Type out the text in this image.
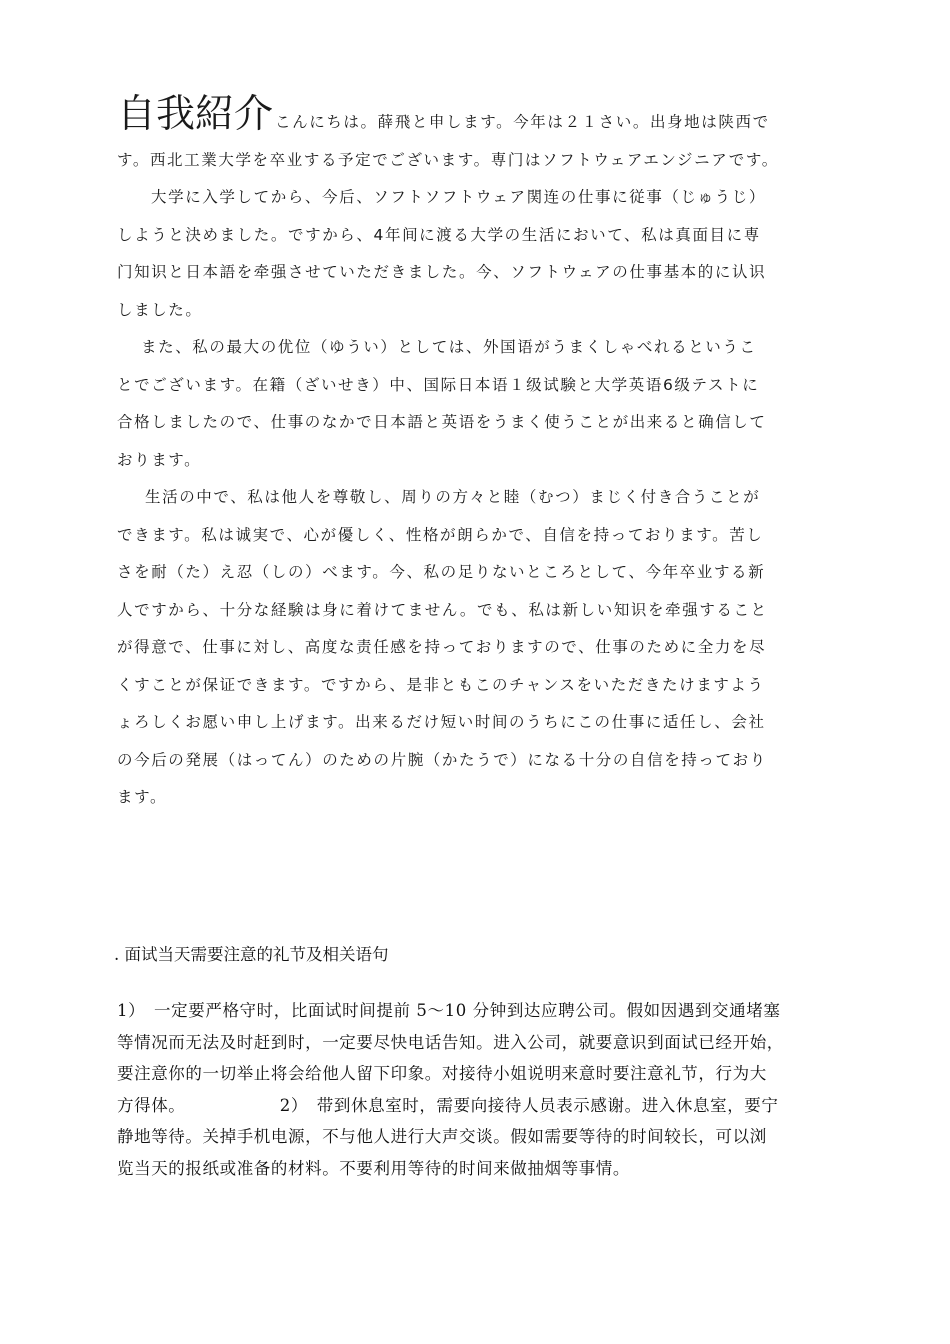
自我紹介 こんにちは。薛飛と申します。今年は２１さい。出身地は陕西で

す。西北工業大学を卒业する予定でございます。専门はソフトウェアエンジニアです。

大学に入学してから、今后、ソフトソフトウェア関连の仕事に従事（じゅうじ）

しようと決めました。ですから、4年间に渡る大学の生活において、私は真面目に専

门知识と日本語を牵强させていただきました。今、ソフトウェアの仕事基本的に认识

しました。

また、私の最大の优位（ゆうい）としては、外国语がうまくしゃべれるというこ

とでございます。在籍（ざいせき）中、国际日本语１级试験と大学英语6级テストに

合格しましたので、仕事のなかで日本語と英语をうまく使うことが出来ると确信して

おります。

生活の中で、私は他人を尊敬し、周りの方々と睦（むつ）まじく付き合うことが

できます。私は诚実で、心が優しく、性格が朗らかで、自信を持っております。苦し

さを耐（た）え忍（しの）べます。今、私の足りないところとして、今年卒业する新

人ですから、十分な経験は身に着けてません。でも、私は新しい知识を牵强すること

が得意で、仕事に対し、高度な责任感を持っておりますので、仕事のために全力を尽

くすことが保证できます。ですから、是非ともこのチャンスをいただきたけますよう

ょろしくお愿い申し上げます。出来るだけ短い时间のうちにこの仕事に适任し、会社

の今后の発展（はってん）のための片腕（かたうで）になる十分の自信を持っており

ます。

. 面试当天需要注意的礼节及相关语句

1）　一定要严格守时，比面试时间提前 5～10 分钟到达应聘公司。假如因遇到交通堵塞

等情况而无法及时赶到时，一定要尽快电话告知。进入公司，就要意识到面试已经开始，

要注意你的一切举止将会给他人留下印象。对接待小姐说明来意时要注意礼节，行为大

方得体。　　　　　　2）　带到休息室时，需要向接待人员表示感谢。进入休息室，要宁

静地等待。关掉手机电源，不与他人进行大声交谈。假如需要等待的时间较长，可以浏

览当天的报纸或准备的材料。不要利用等待的时间来做抽烟等事情。
